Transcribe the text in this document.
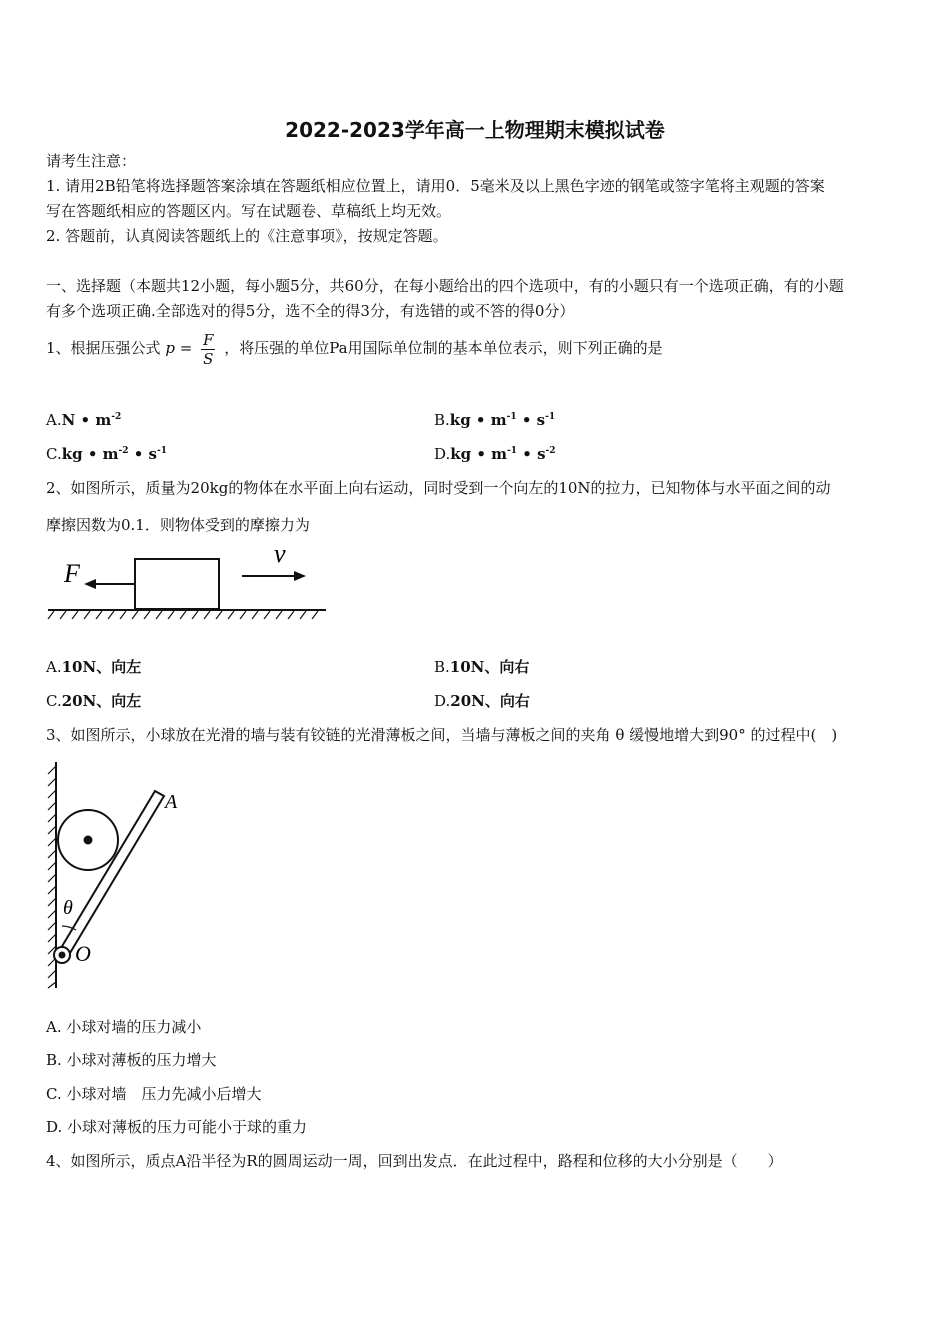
2022-2023学年高一上物理期末模拟试卷
请考生注意：
1. 请用2B铅笔将选择题答案涂填在答题纸相应位置上，请用0．5毫米及以上黑色字迹的钢笔或签字笔将主观题的答案
写在答题纸相应的答题区内。写在试题卷、草稿纸上均无效。
2. 答题前，认真阅读答题纸上的《注意事项》，按规定答题。
一、选择题（本题共12小题，每小题5分，共60分，在每小题给出的四个选项中，有的小题只有一个选项正确，有的小题
有多个选项正确.全部选对的得5分，选不全的得3分，有选错的或不答的得0分）
1、根据压强公式 $p = \frac{F}{S}$ ，将压强的单位Pa用国际单位制的基本单位表示，则下列正确的是
A.N • $m^{-2}$	B.kg • $m^{-1}$ • $s^{-1}$
C.kg • $m^{-2}$ • $s^{-1}$	D.kg • $m^{-1}$ • $s^{-2}$
2、如图所示，质量为20kg的物体在水平面上向右运动，同时受到一个向左的10N的拉力，已知物体与水平面之间的动
摩擦因数为0.1．则物体受到的摩擦力为
F
v
A.10N、向左	B.10N、向右
C.20N、向左	D.20N、向右
3、如图所示，小球放在光滑的墙与装有铰链的光滑薄板之间，当墙与薄板之间的夹角 θ 缓慢地增大到90° 的过程中(　)
θ
O
A
A. 小球对墙的压力减小
B. 小球对薄板的压力增大
C. 小球对墙　压力先减小后增大
D. 小球对薄板的压力可能小于球的重力
4、如图所示，质点A沿半径为R的圆周运动一周，回到出发点．在此过程中，路程和位移的大小分别是（　　）
